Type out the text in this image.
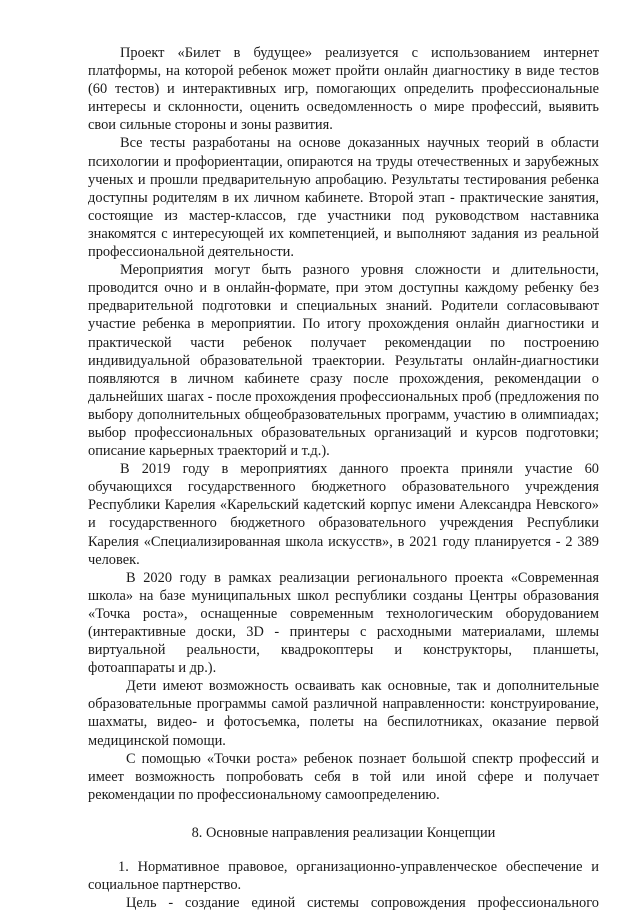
Проект «Билет в будущее» реализуется с использованием интернет платформы, на которой ребенок может пройти онлайн диагностику в виде тестов (60 тестов) и интерактивных игр, помогающих определить профессиональные интересы и склонности, оценить осведомленность о мире профессий, выявить свои сильные стороны и зоны развития.

Все тесты разработаны на основе доказанных научных теорий в области психологии и профориентации, опираются на труды отечественных и зарубежных ученых и прошли предварительную апробацию. Результаты тестирования ребенка доступны родителям в их личном кабинете. Второй этап - практические занятия, состоящие из мастер-классов, где участники под руководством наставника знакомятся с интересующей их компетенцией, и выполняют задания из реальной профессиональной деятельности.

Мероприятия могут быть разного уровня сложности и длительности, проводится очно и в онлайн-формате, при этом доступны каждому ребенку без предварительной подготовки и специальных знаний. Родители согласовывают участие ребенка в мероприятии. По итогу прохождения онлайн диагностики и практической части ребенок получает рекомендации по построению индивидуальной образовательной траектории. Результаты онлайн-диагностики появляются в личном кабинете сразу после прохождения, рекомендации о дальнейших шагах - после прохождения профессиональных проб (предложения по выбору дополнительных общеобразовательных программ, участию в олимпиадах; выбор профессиональных образовательных организаций и курсов подготовки; описание карьерных траекторий и т.д.).

В 2019 году в мероприятиях данного проекта приняли участие 60 обучающихся государственного бюджетного образовательного учреждения Республики Карелия «Карельский кадетский корпус имени Александра Невского» и государственного бюджетного образовательного учреждения Республики Карелия «Специализированная школа искусств», в 2021 году планируется - 2 389 человек.

В 2020 году в рамках реализации регионального проекта «Современная школа» на базе муниципальных школ республики созданы Центры образования «Точка роста», оснащенные современным технологическим оборудованием (интерактивные доски, 3D - принтеры с расходными материалами, шлемы виртуальной реальности, квадрокоптеры и конструкторы, планшеты, фотоаппараты и др.).

Дети имеют возможность осваивать как основные, так и дополнительные образовательные программы самой различной направленности: конструирование, шахматы, видео- и фотосъемка, полеты на беспилотниках, оказание первой медицинской помощи.

С помощью «Точки роста» ребенок познает большой спектр профессий и имеет возможность попробовать себя в той или иной сфере и получает рекомендации по профессиональному самоопределению.

8. Основные направления реализации Концепции

1. Нормативное правовое, организационно-управленческое обеспечение и социальное партнерство.

Цель - создание единой системы сопровождения профессионального
